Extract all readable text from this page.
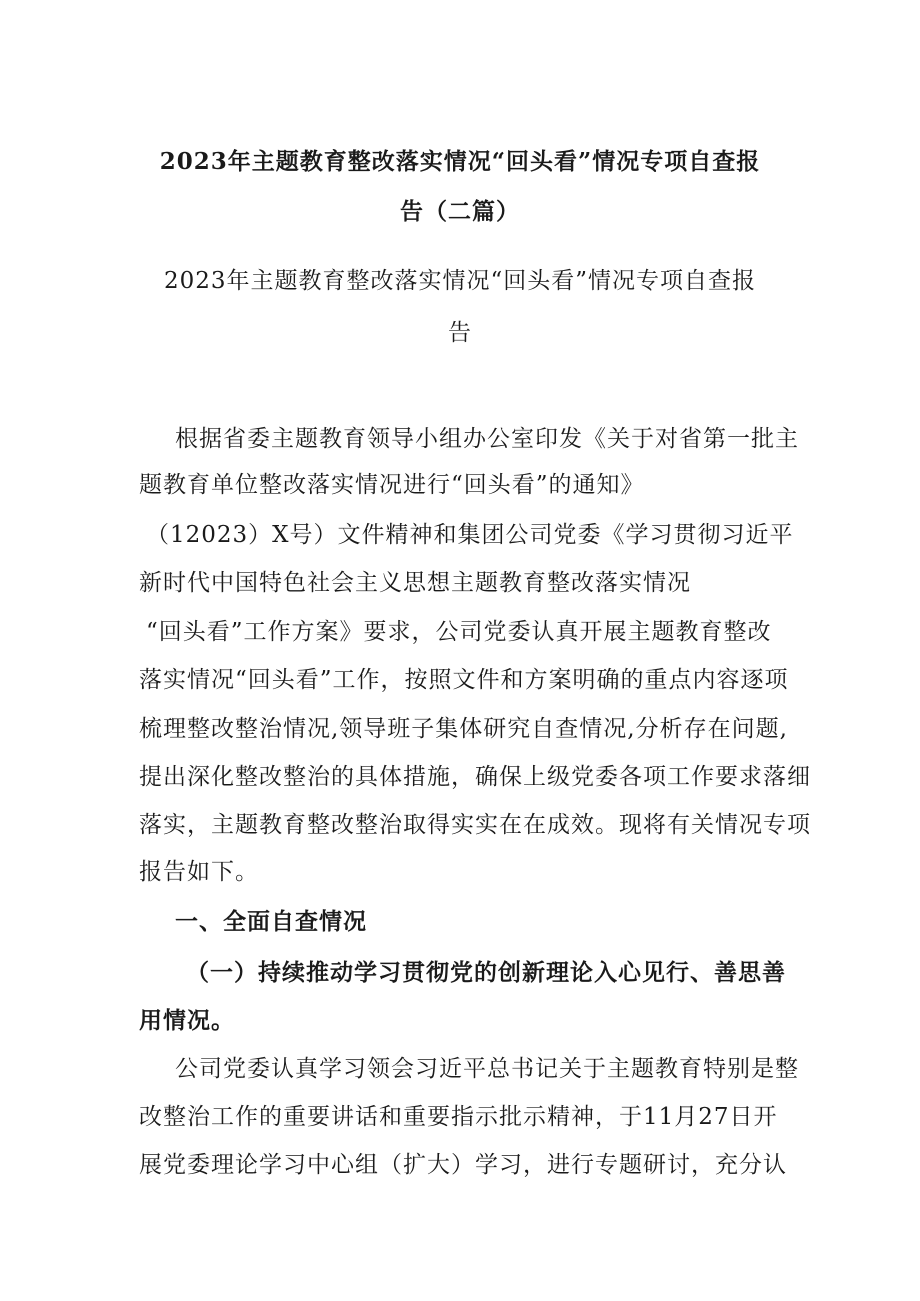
2023年主题教育整改落实情况“回头看”情况专项自查报
告（二篇）
2023年主题教育整改落实情况“回头看”情况专项自查报
告
根据省委主题教育领导小组办公室印发《关于对省第一批主
题教育单位整改落实情况进行“回头看”的通知》
（12023）X号）文件精神和集团公司党委《学习贯彻习近平
新时代中国特色社会主义思想主题教育整改落实情况
“回头看”工作方案》要求，公司党委认真开展主题教育整改
落实情况“回头看”工作，按照文件和方案明确的重点内容逐项
梳理整改整治情况,领导班子集体研究自查情况,分析存在问题,
提出深化整改整治的具体措施，确保上级党委各项工作要求落细
落实，主题教育整改整治取得实实在在成效。现将有关情况专项
报告如下。
一、全面自查情况
（一）持续推动学习贯彻党的创新理论入心见行、善思善
用情况。
公司党委认真学习领会习近平总书记关于主题教育特别是整
改整治工作的重要讲话和重要指示批示精神，于11月27日开
展党委理论学习中心组（扩大）学习，进行专题研讨，充分认
